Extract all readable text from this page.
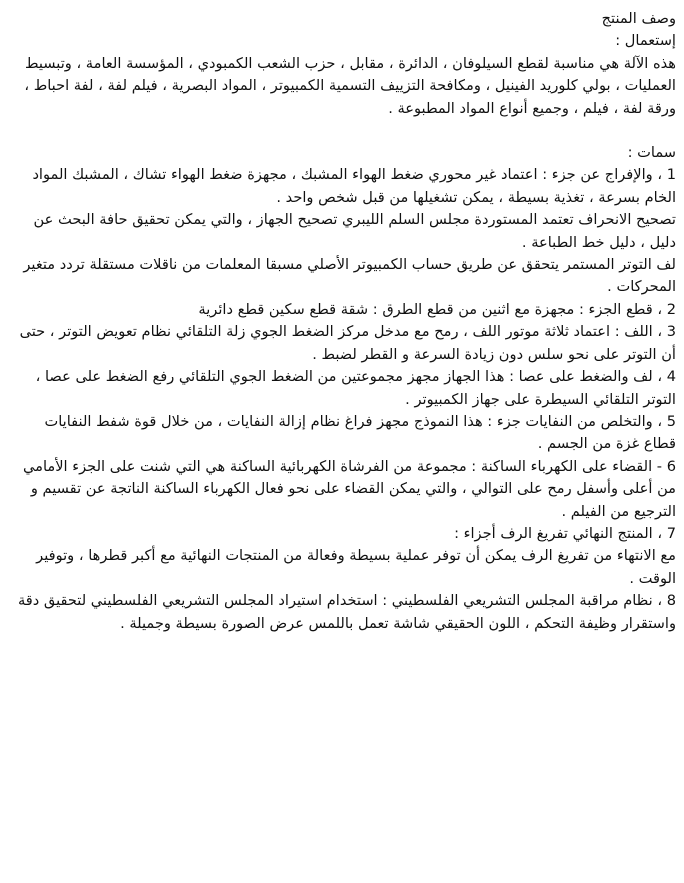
وصف المنتج

إستعمال :

هذه الآلة هي مناسبة لقطع السيلوفان ، الدائرة ، مقابل ، حزب الشعب الكمبودي ، المؤسسة العامة ، وتبسيط العمليات ، بولي كلوريد الفينيل ، ومكافحة التزييف التسمية الكمبيوتر ، المواد البصرية ، فيلم لفة ، لفة احباط ، ورقة لفة ، فيلم ، وجميع أنواع المواد المطبوعة .

سمات :

1 ، والإفراج عن جزء : اعتماد غير محوري ضغط الهواء المشبك ، مجهزة ضغط الهواء تشاك ، المشبك المواد الخام بسرعة ، تغذية بسيطة ، يمكن تشغيلها من قبل شخص واحد .

تصحيح الانحراف تعتمد المستوردة مجلس السلم الليبري تصحيح الجهاز ، والتي يمكن تحقيق حافة البحث عن دليل ، دليل خط الطباعة .

لف التوتر المستمر يتحقق عن طريق حساب الكمبيوتر الأصلي مسبقا المعلمات من ناقلات مستقلة تردد متغير المحركات .

2 ، قطع الجزء : مجهزة مع اثنين من قطع الطرق : شقة قطع سكين قطع دائرية

3 ، اللف : اعتماد ثلاثة موتور اللف ، رمح مع مدخل مركز الضغط الجوي زلة التلقائي نظام تعويض التوتر ، حتى أن التوتر على نحو سلس دون زيادة السرعة و القطر لضبط .

4 ، لف والضغط على عصا : هذا الجهاز مجهز مجموعتين من الضغط الجوي التلقائي رفع الضغط على عصا ، التوتر التلقائي السيطرة على جهاز الكمبيوتر .

5 ، والتخلص من النفايات جزء : هذا النموذج مجهز فراغ نظام إزالة النفايات ، من خلال قوة شفط النفايات قطاع غزة من الجسم .

6 - القضاء على الكهرباء الساكنة : مجموعة من الفرشاة الكهربائية الساكنة هي التي شنت على الجزء الأمامي من أعلى وأسفل رمح على التوالي ، والتي يمكن القضاء على نحو فعال الكهرباء الساكنة الناتجة عن تقسيم و الترجيع من الفيلم .

7 ، المنتج النهائي تفريغ الرف أجزاء :

مع الانتهاء من تفريغ الرف يمكن أن توفر عملية بسيطة وفعالة من المنتجات النهائية مع أكبر قطرها ، وتوفير الوقت .

8 ، نظام مراقبة المجلس التشريعي الفلسطيني : استخدام استيراد المجلس التشريعي الفلسطيني لتحقيق دقة واستقرار وظيفة التحكم ، اللون الحقيقي شاشة تعمل باللمس عرض الصورة بسيطة وجميلة .
